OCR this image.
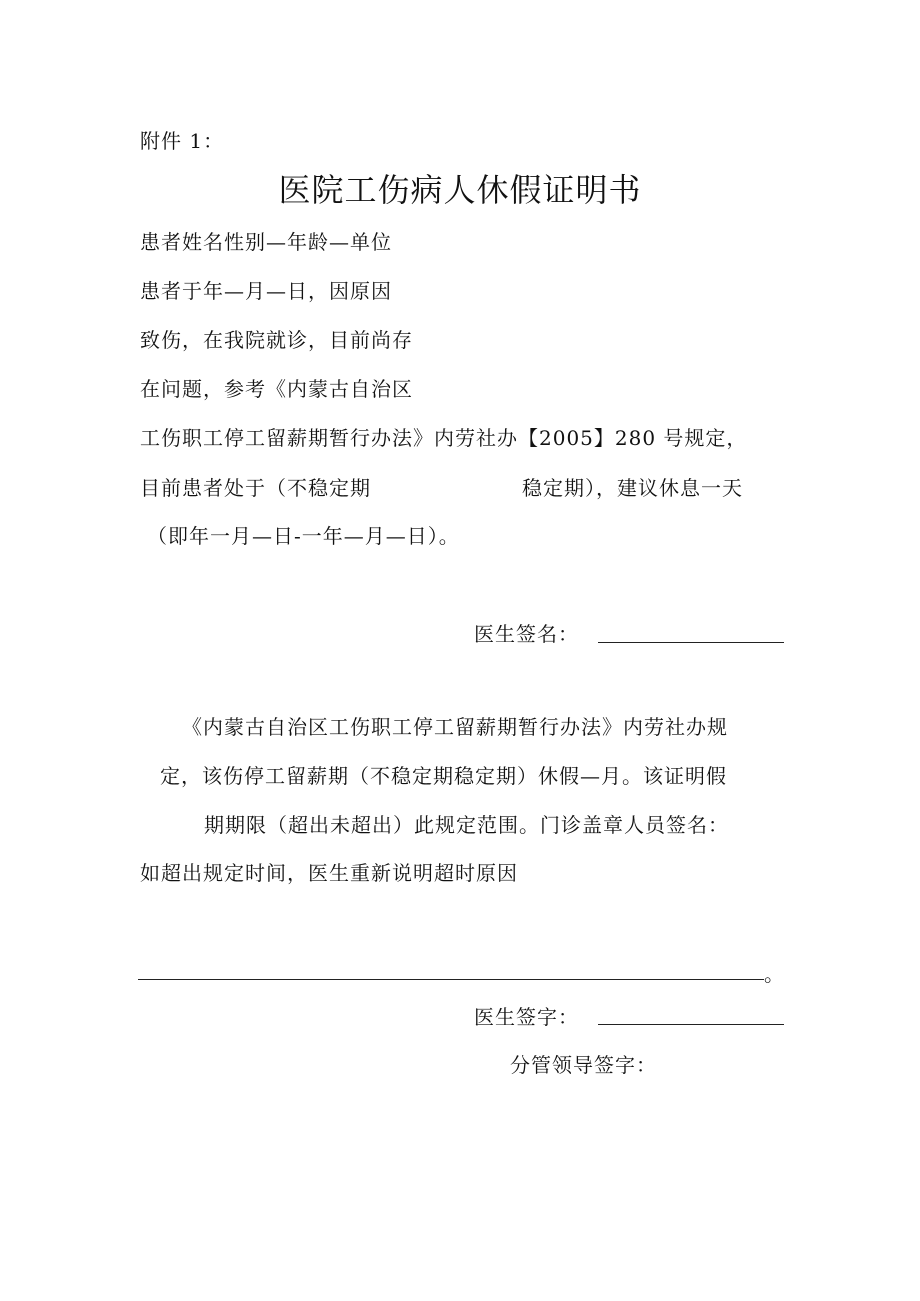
附件 1：
医院工伤病人休假证明书
患者姓名性别—年龄—单位
患者于年—月—日，因原因
致伤，在我院就诊，目前尚存
在问题，参考《内蒙古自治区
工伤职工停工留薪期暂行办法》内劳社办【2005】280 号规定，
目前患者处于（不稳定期	稳定期），建议休息一天
（即年一月—日-一年—月—日）。
医生签名：
《内蒙古自治区工伤职工停工留薪期暂行办法》内劳社办规
定，该伤停工留薪期（不稳定期稳定期）休假—月。该证明假
期期限（超出未超出）此规定范围。门诊盖章人员签名：
如超出规定时间，医生重新说明超时原因
。
医生签字：
分管领导签字：
